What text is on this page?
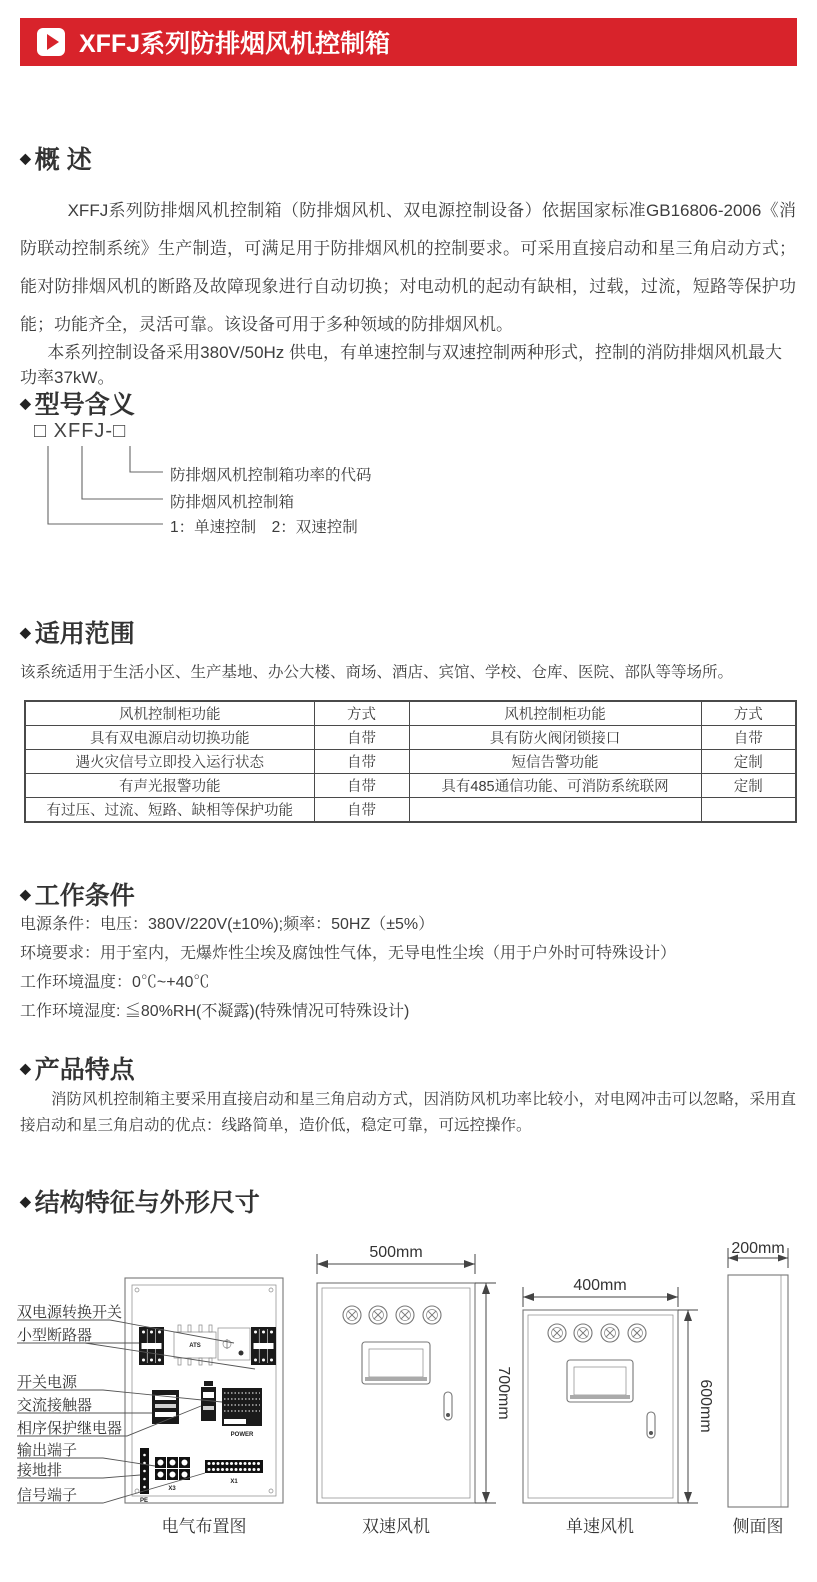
XFFJ系列防排烟风机控制箱
◆ 概 述
XFFJ系列防排烟风机控制箱（防排烟风机、双电源控制设备）依据国家标准GB16806-2006《消防联动控制系统》生产制造，可满足用于防排烟风机的控制要求。可采用直接启动和星三角启动方式；能对防排烟风机的断路及故障现象进行自动切换；对电动机的起动有缺相，过载，过流，短路等保护功能；功能齐全，灵活可靠。该设备可用于多种领域的防排烟风机。
本系列控制设备采用380V/50Hz 供电，有单速控制与双速控制两种形式，控制的消防排烟风机最大功率37kW。
◆ 型号含义
□ XFFJ-□
防排烟风机控制箱功率的代码
防排烟风机控制箱
1：单速控制　2：双速控制
◆ 适用范围
该系统适用于生活小区、生产基地、办公大楼、商场、酒店、宾馆、学校、仓库、医院、部队等等场所。
风机控制柜功能	方式	风机控制柜功能	方式
具有双电源启动切换功能	自带	具有防火阀闭锁接口	自带
遇火灾信号立即投入运行状态	自带	短信告警功能	定制
有声光报警功能	自带	具有485通信功能、可消防系统联网	定制
有过压、过流、短路、缺相等保护功能	自带		
◆ 工作条件
电源条件：电压：380V/220V(±10%);频率：50HZ（±5%）
环境要求：用于室内，无爆炸性尘埃及腐蚀性气体，无导电性尘埃（用于户外时可特殊设计）
工作环境温度：0℃~+40℃
工作环境湿度: ≦80%RH(不凝露)(特殊情况可特殊设计)
◆ 产品特点
消防风机控制箱主要采用直接启动和星三角启动方式，因消防风机功率比较小，对电网冲击可以忽略，采用直接启动和星三角启动的优点：线路简单，造价低，稳定可靠，可远控操作。
◆ 结构特征与外形尺寸
ATS
POWER
PE
X3
X1
双电源转换开关
小型断路器
开关电源
交流接触器
相序保护继电器
输出端子
接地排
信号端子
电气布置图
500mm
700mm
双速风机
400mm
600mm
单速风机
200mm
侧面图
